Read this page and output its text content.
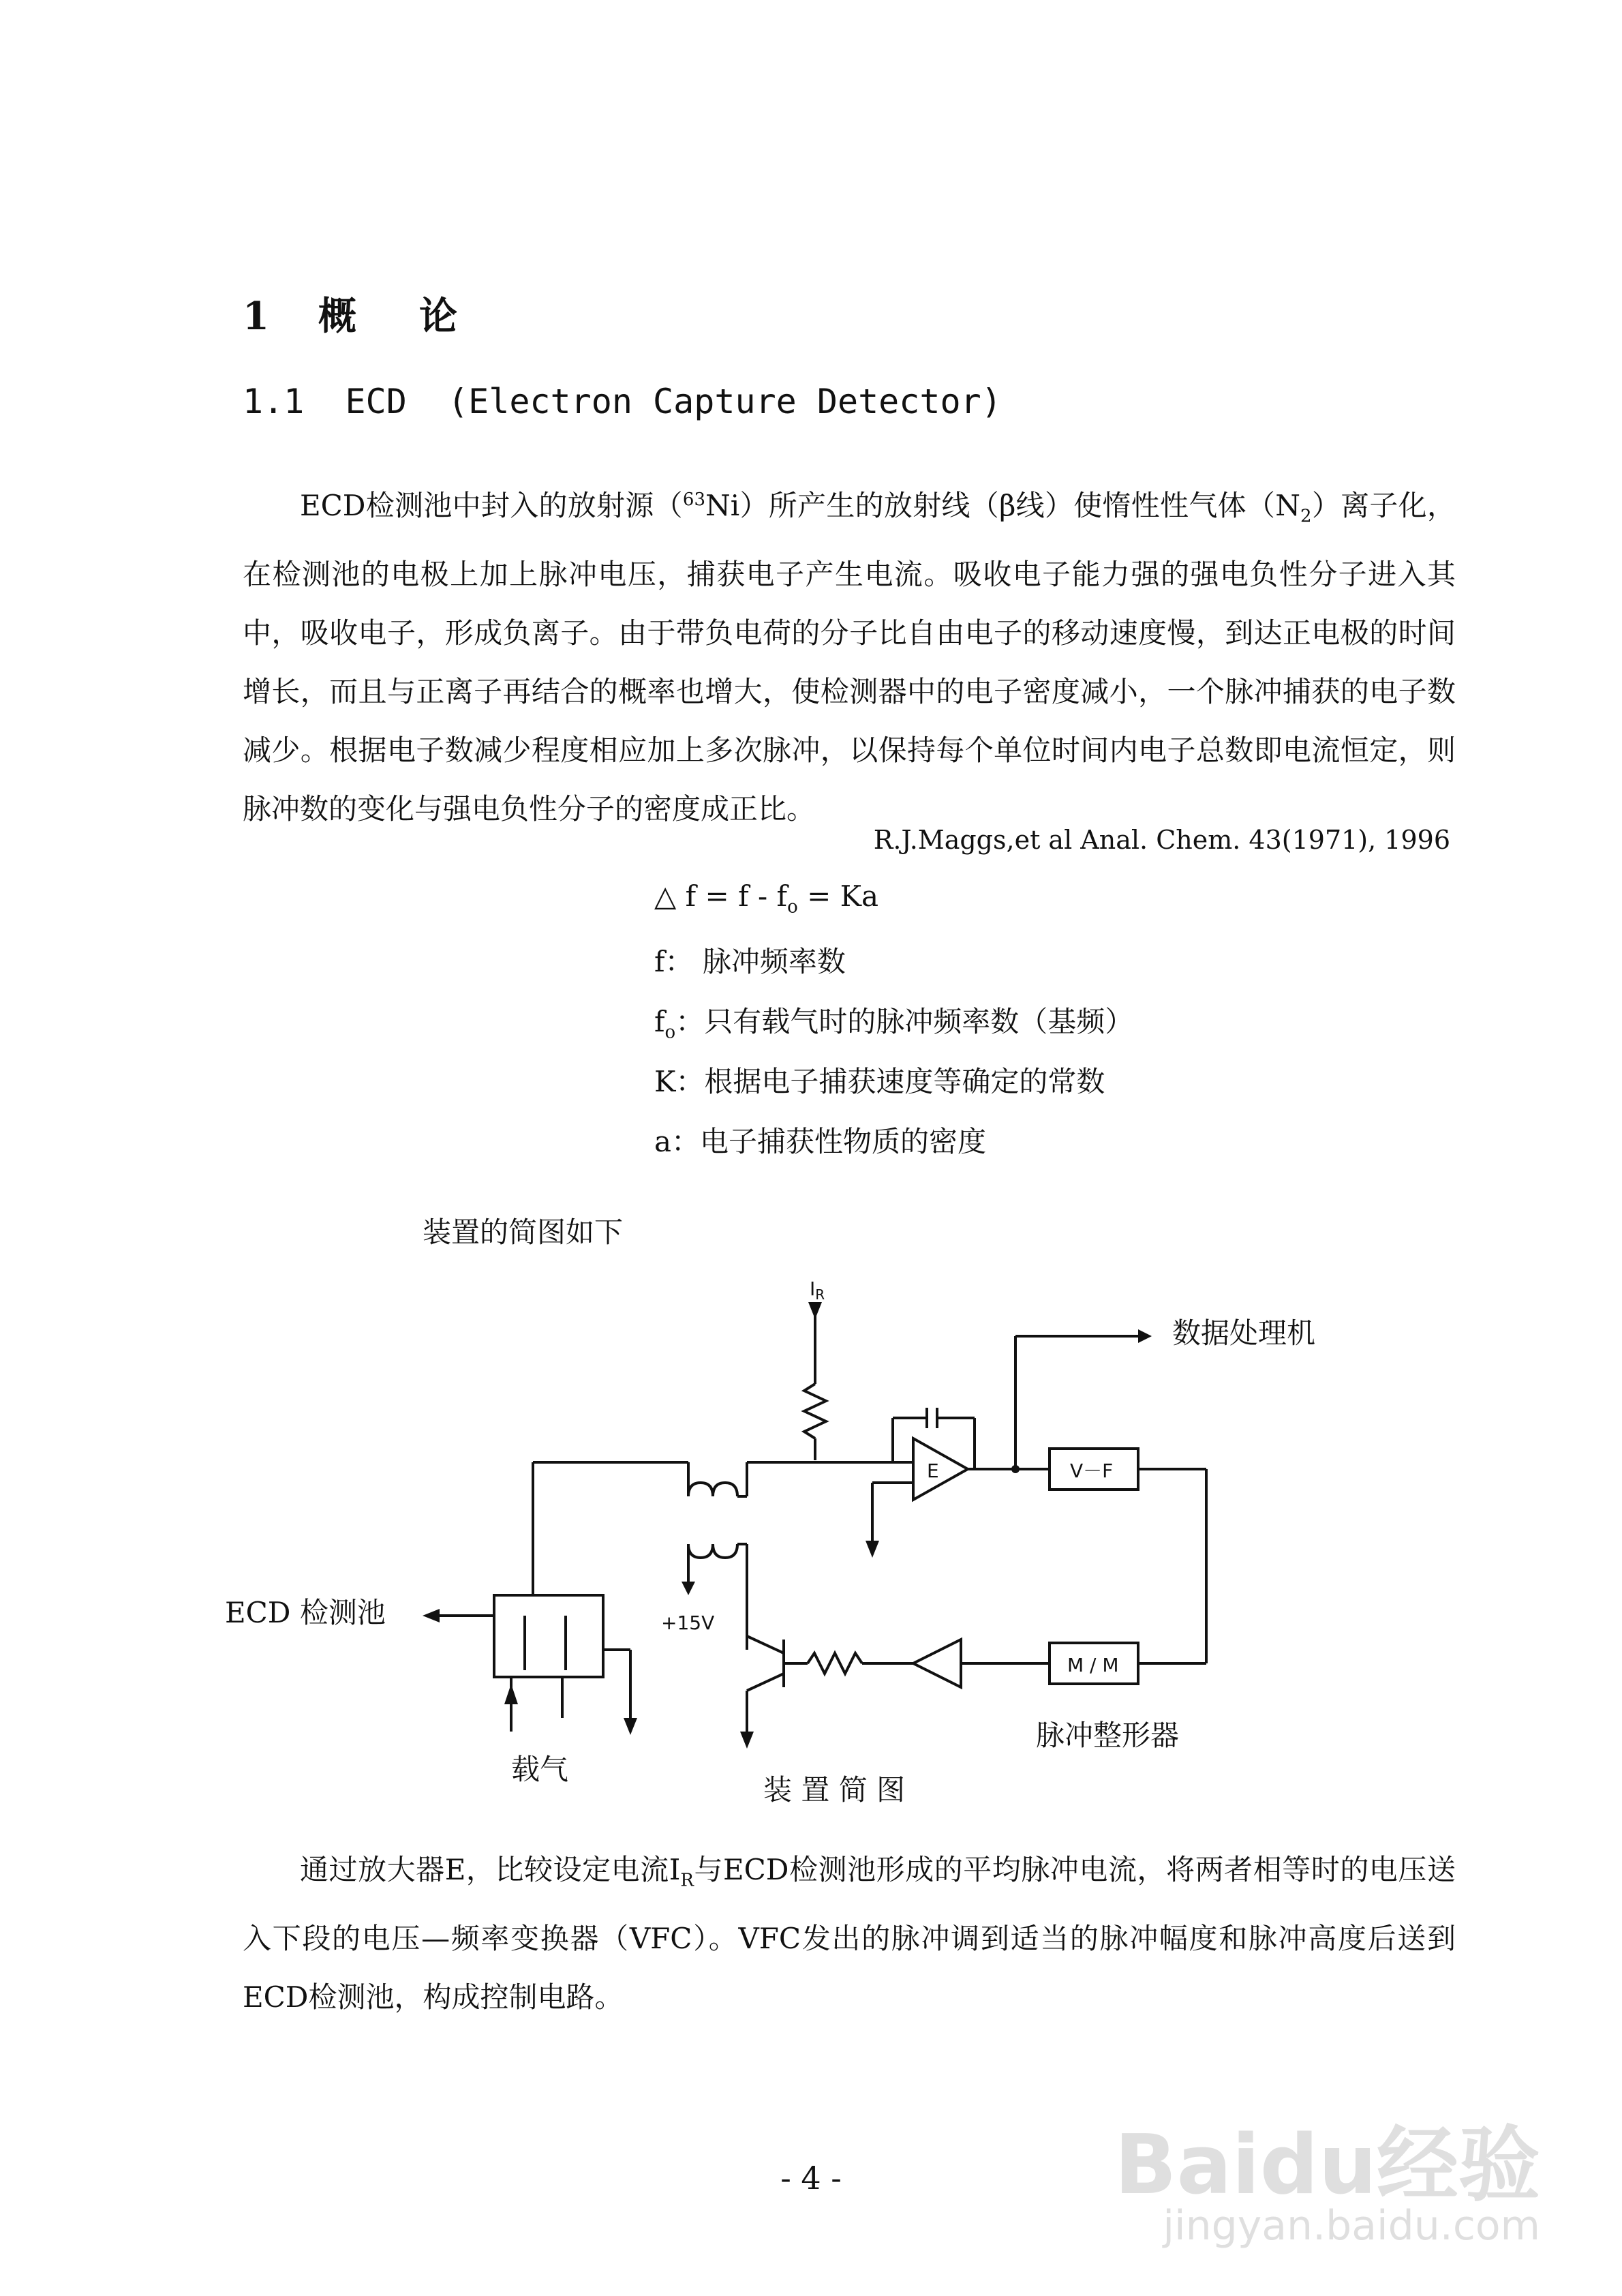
1 概 论
1.1  ECD  (Electron Capture Detector)

ECD检测池中封入的放射源（$^{63}$Ni）所产生的放射线（β线）使惰性性气体$(N_2)$离子化，在检测池的电极上加上脉冲电压，捕获电子产生电流。吸收电子能力强的强电负性分子进入其中，吸收电子，形成负离子。由于带负电荷的分子比自由电子的移动速度慢，到达正电极的时间增长，而且与正离子再结合的概率也增大，使检测器中的电子密度减小，一个脉冲捕获的电子数减少。根据电子数减少程度相应加上多次脉冲，以保持每个单位时间内电子总数即电流恒定，则脉冲数的变化与强电负性分子的密度成正比。

R.J.Maggs,et al Anal. Chem. 43(1971), 1996
△ $f = f - f_o = Ka$
f： 脉冲频率数
$f_o$：只有载气时的脉冲频率数（基频）
K：根据电子捕获速度等确定的常数
a：电子捕获性物质的密度
装置的简图如下
$I_R$
数据处理机
E	V－F
ECD 检测池	+15V
M / M
脉冲整形器
载气
装 置 简 图

通过放大器E，比较设定电流$I_R$与ECD检测池形成的平均脉冲电流，将两者相等时的电压送入下段的电压—频率变换器（VFC）。VFC发出的脉冲调到适当的脉冲幅度和脉冲高度后送到ECD检测池，构成控制电路。

- 4 -	Baidu经验
jingyan.baidu.com
